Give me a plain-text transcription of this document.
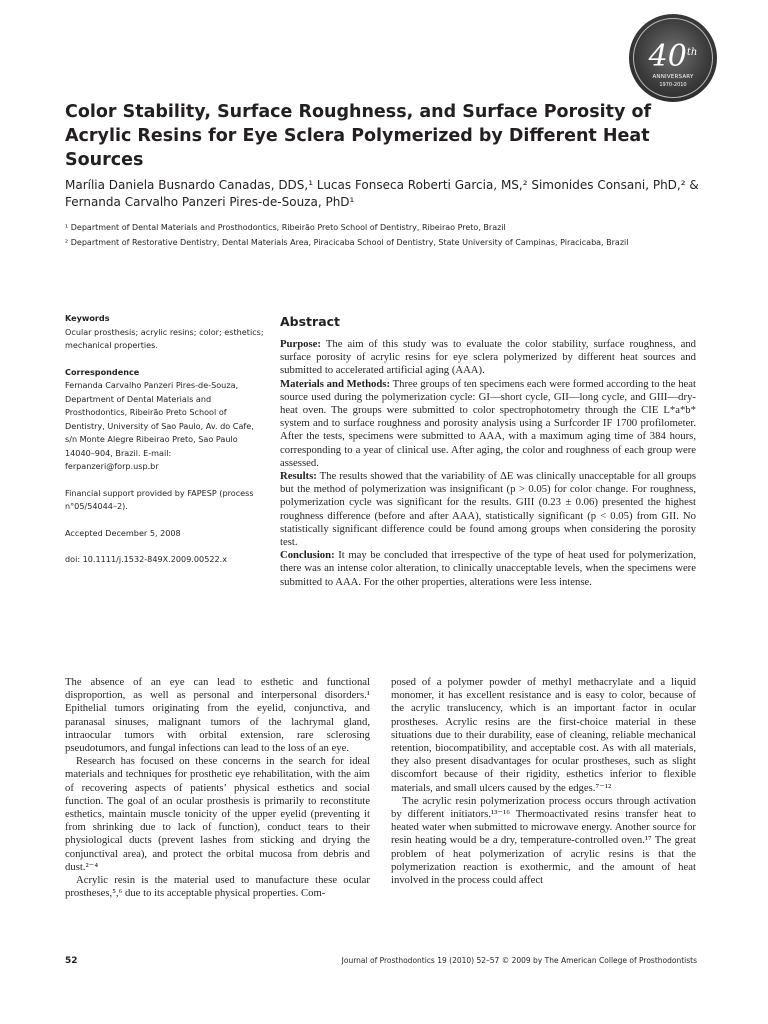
40th
ANNIVERSARY
1970-2010
Color Stability, Surface Roughness, and Surface Porosity of Acrylic Resins for Eye Sclera Polymerized by Different Heat Sources

Marília Daniela Busnardo Canadas, DDS,¹ Lucas Fonseca Roberti Garcia, MS,² Simonides Consani, PhD,² & Fernanda Carvalho Panzeri Pires-de-Souza, PhD¹

¹ Department of Dental Materials and Prosthodontics, Ribeirão Preto School of Dentistry, Ribeirao Preto, Brazil
² Department of Restorative Dentistry, Dental Materials Area, Piracicaba School of Dentistry, State University of Campinas, Piracicaba, Brazil

Keywords

Ocular prosthesis; acrylic resins; color; esthetics; mechanical properties.

Correspondence

Fernanda Carvalho Panzeri Pires-de-Souza, Department of Dental Materials and Prosthodontics, Ribeirão Preto School of Dentistry, University of Sao Paulo, Av. do Cafe, s/n Monte Alegre Ribeirao Preto, Sao Paulo 14040–904, Brazil. E-mail: ferpanzeri@forp.usp.br

Financial support provided by FAPESP (process n°05/54044–2).

Accepted December 5, 2008

doi: 10.1111/j.1532-849X.2009.00522.x

Abstract

Purpose: The aim of this study was to evaluate the color stability, surface roughness, and surface porosity of acrylic resins for eye sclera polymerized by different heat sources and submitted to accelerated artificial aging (AAA).

Materials and Methods: Three groups of ten specimens each were formed according to the heat source used during the polymerization cycle: GI—short cycle, GII—long cycle, and GIII—dry-heat oven. The groups were submitted to color spectrophotometry through the CIE L*a*b* system and to surface roughness and porosity analysis using a Surfcorder IF 1700 profilometer. After the tests, specimens were submitted to AAA, with a maximum aging time of 384 hours, corresponding to a year of clinical use. After aging, the color and roughness of each group were assessed.

Results: The results showed that the variability of ΔE was clinically unacceptable for all groups but the method of polymerization was insignificant (p > 0.05) for color change. For roughness, polymerization cycle was significant for the results. GIII (0.23 ± 0.06) presented the highest roughness difference (before and after AAA), statistically significant (p < 0.05) from GII. No statistically significant difference could be found among groups when considering the porosity test.

Conclusion: It may be concluded that irrespective of the type of heat used for polymerization, there was an intense color alteration, to clinically unacceptable levels, when the specimens were submitted to AAA. For the other properties, alterations were less intense.

The absence of an eye can lead to esthetic and functional disproportion, as well as personal and interpersonal disorders.¹ Epithelial tumors originating from the eyelid, conjunctiva, and paranasal sinuses, malignant tumors of the lachrymal gland, intraocular tumors with orbital extension, rare sclerosing pseudotumors, and fungal infections can lead to the loss of an eye.

Research has focused on these concerns in the search for ideal materials and techniques for prosthetic eye rehabilitation, with the aim of recovering aspects of patients’ physical esthetics and social function. The goal of an ocular prosthesis is primarily to reconstitute esthetics, maintain muscle tonicity of the upper eyelid (preventing it from shrinking due to lack of function), conduct tears to their physiological ducts (prevent lashes from sticking and drying the conjunctival area), and protect the orbital mucosa from debris and dust.²⁻⁴

Acrylic resin is the material used to manufacture these ocular prostheses,⁵,⁶ due to its acceptable physical properties. Com-

posed of a polymer powder of methyl methacrylate and a liquid monomer, it has excellent resistance and is easy to color, because of the acrylic translucency, which is an important factor in ocular prostheses. Acrylic resins are the first-choice material in these situations due to their durability, ease of cleaning, reliable mechanical retention, biocompatibility, and acceptable cost. As with all materials, they also present disadvantages for ocular prostheses, such as slight discomfort because of their rigidity, esthetics inferior to flexible materials, and small ulcers caused by the edges.⁷⁻¹²

The acrylic resin polymerization process occurs through activation by different initiators.¹³⁻¹⁶ Thermoactivated resins transfer heat to heated water when submitted to microwave energy. Another source for resin heating would be a dry, temperature-controlled oven.¹⁷ The great problem of heat polymerization of acrylic resins is that the polymerization reaction is exothermic, and the amount of heat involved in the process could affect

52	Journal of Prosthodontics 19 (2010) 52–57 © 2009 by The American College of Prosthodontists
